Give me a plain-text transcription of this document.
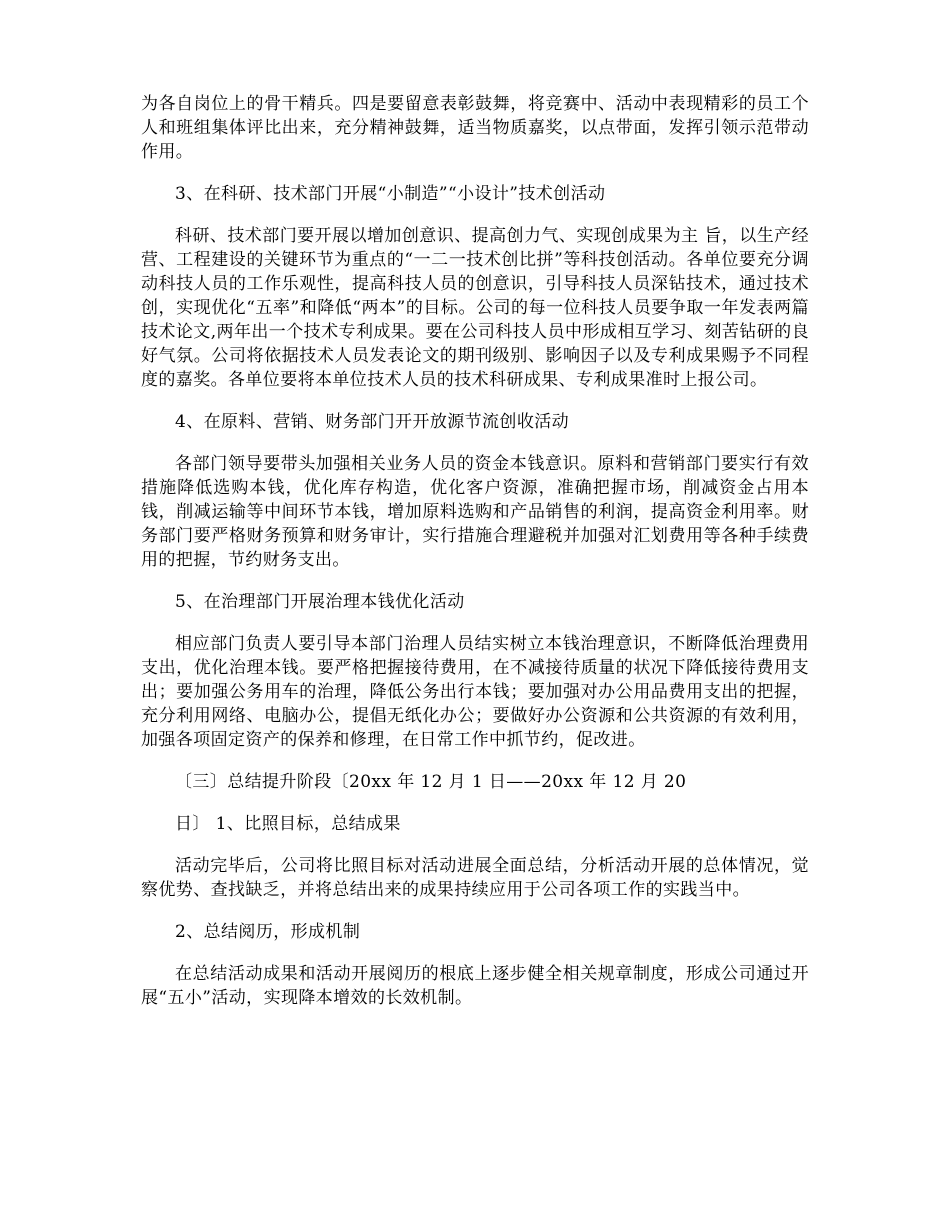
为各自岗位上的骨干精兵。四是要留意表彰鼓舞，将竞赛中、活动中表现精彩的员工个人和班组集体评比出来，充分精神鼓舞，适当物质嘉奖，以点带面，发挥引领示范带动作用。

3、在科研、技术部门开展“小制造”“小设计”技术创活动

科研、技术部门要开展以增加创意识、提高创力气、实现创成果为主 旨，以生产经营、工程建设的关键环节为重点的“一二一技术创比拼”等科技创活动。各单位要充分调动科技人员的工作乐观性，提高科技人员的创意识，引导科技人员深钻技术，通过技术创，实现优化“五率”和降低“两本”的目标。公司的每一位科技人员要争取一年发表两篇技术论文,两年出一个技术专利成果。要在公司科技人员中形成相互学习、刻苦钻研的良好气氛。公司将依据技术人员发表论文的期刊级别、影响因子以及专利成果赐予不同程度的嘉奖。各单位要将本单位技术人员的技术科研成果、专利成果准时上报公司。

4、在原料、营销、财务部门开开放源节流创收活动

各部门领导要带头加强相关业务人员的资金本钱意识。原料和营销部门要实行有效措施降低选购本钱，优化库存构造，优化客户资源，准确把握市场，削减资金占用本钱，削减运输等中间环节本钱，增加原料选购和产品销售的利润，提高资金利用率。财务部门要严格财务预算和财务审计，实行措施合理避税并加强对汇划费用等各种手续费用的把握，节约财务支出。

5、在治理部门开展治理本钱优化活动

相应部门负责人要引导本部门治理人员结实树立本钱治理意识，不断降低治理费用支出，优化治理本钱。要严格把握接待费用，在不减接待质量的状况下降低接待费用支出；要加强公务用车的治理，降低公务出行本钱；要加强对办公用品费用支出的把握，充分利用网络、电脑办公，提倡无纸化办公；要做好办公资源和公共资源的有效利用，加强各项固定资产的保养和修理，在日常工作中抓节约，促改进。

〔三〕总结提升阶段〔20xx 年 12 月 1 日——20xx 年 12 月 20

日〕 1、比照目标，总结成果

活动完毕后，公司将比照目标对活动进展全面总结，分析活动开展的总体情况，觉察优势、查找缺乏，并将总结出来的成果持续应用于公司各项工作的实践当中。

2、总结阅历，形成机制

在总结活动成果和活动开展阅历的根底上逐步健全相关规章制度，形成公司通过开展“五小”活动，实现降本增效的长效机制。
